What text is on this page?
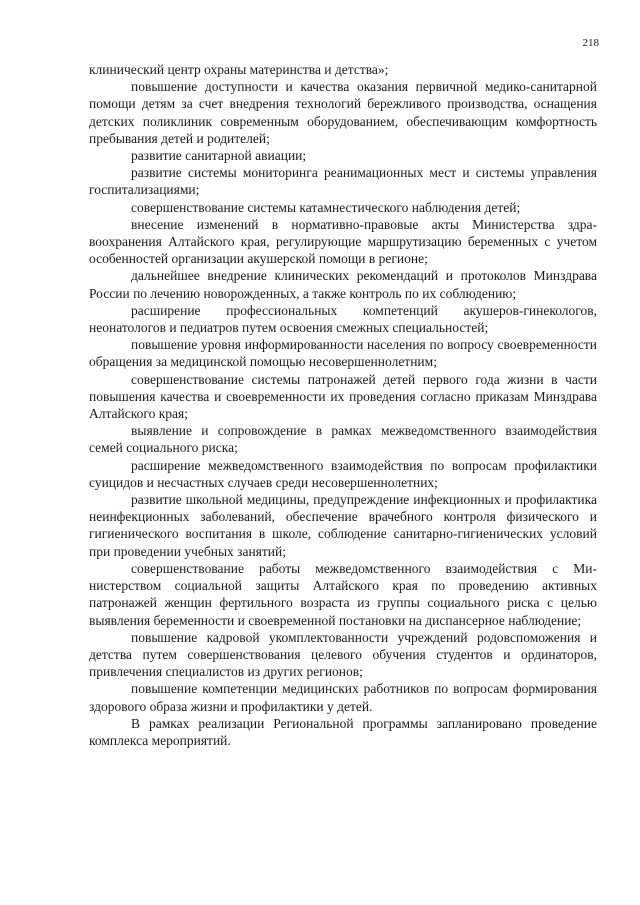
218

клинический центр охраны материнства и детства»;

повышение доступности и качества оказания первичной медико-санитарной помощи детям за счет внедрения технологий бережливого производства, оснащения детских поликлиник современным оборудованием, обеспечивающим комфортность пребывания детей и родителей;

развитие санитарной авиации;

развитие системы мониторинга реанимационных мест и системы управления госпитализациями;

совершенствование системы катамнестического наблюдения детей;

внесение изменений в нормативно-правовые акты Министерства здравоохранения Алтайского края, регулирующие маршрутизацию беременных с учетом особенностей организации акушерской помощи в регионе;

дальнейшее внедрение клинических рекомендаций и протоколов Минздрава России по лечению новорожденных, а также контроль по их соблюдению;

расширение профессиональных компетенций акушеров-гинекологов, неонатологов и педиатров путем освоения смежных специальностей;

повышение уровня информированности населения по вопросу своевременности обращения за медицинской помощью несовершеннолетним;

совершенствование системы патронажей детей первого года жизни в части повышения качества и своевременности их проведения согласно приказам Минздрава Алтайского края;

выявление и сопровождение в рамках межведомственного взаимодействия семей социального риска;

расширение межведомственного взаимодействия по вопросам профилактики суицидов и несчастных случаев среди несовершеннолетних;

развитие школьной медицины, предупреждение инфекционных и профилактика неинфекционных заболеваний, обеспечение врачебного контроля физического и гигиенического воспитания в школе, соблюдение санитарно-гигиенических условий при проведении учебных занятий;

совершенствование работы межведомственного взаимодействия с Министерством социальной защиты Алтайского края по проведению активных патронажей женщин фертильного возраста из группы социального риска с целью выявления беременности и своевременной постановки на диспансерное наблюдение;

повышение кадровой укомплектованности учреждений родовспоможения и детства путем совершенствования целевого обучения студентов и ординаторов, привлечения специалистов из других регионов;

повышение компетенции медицинских работников по вопросам формирования здорового образа жизни и профилактики у детей.

В рамках реализации Региональной программы запланировано проведение комплекса мероприятий.
